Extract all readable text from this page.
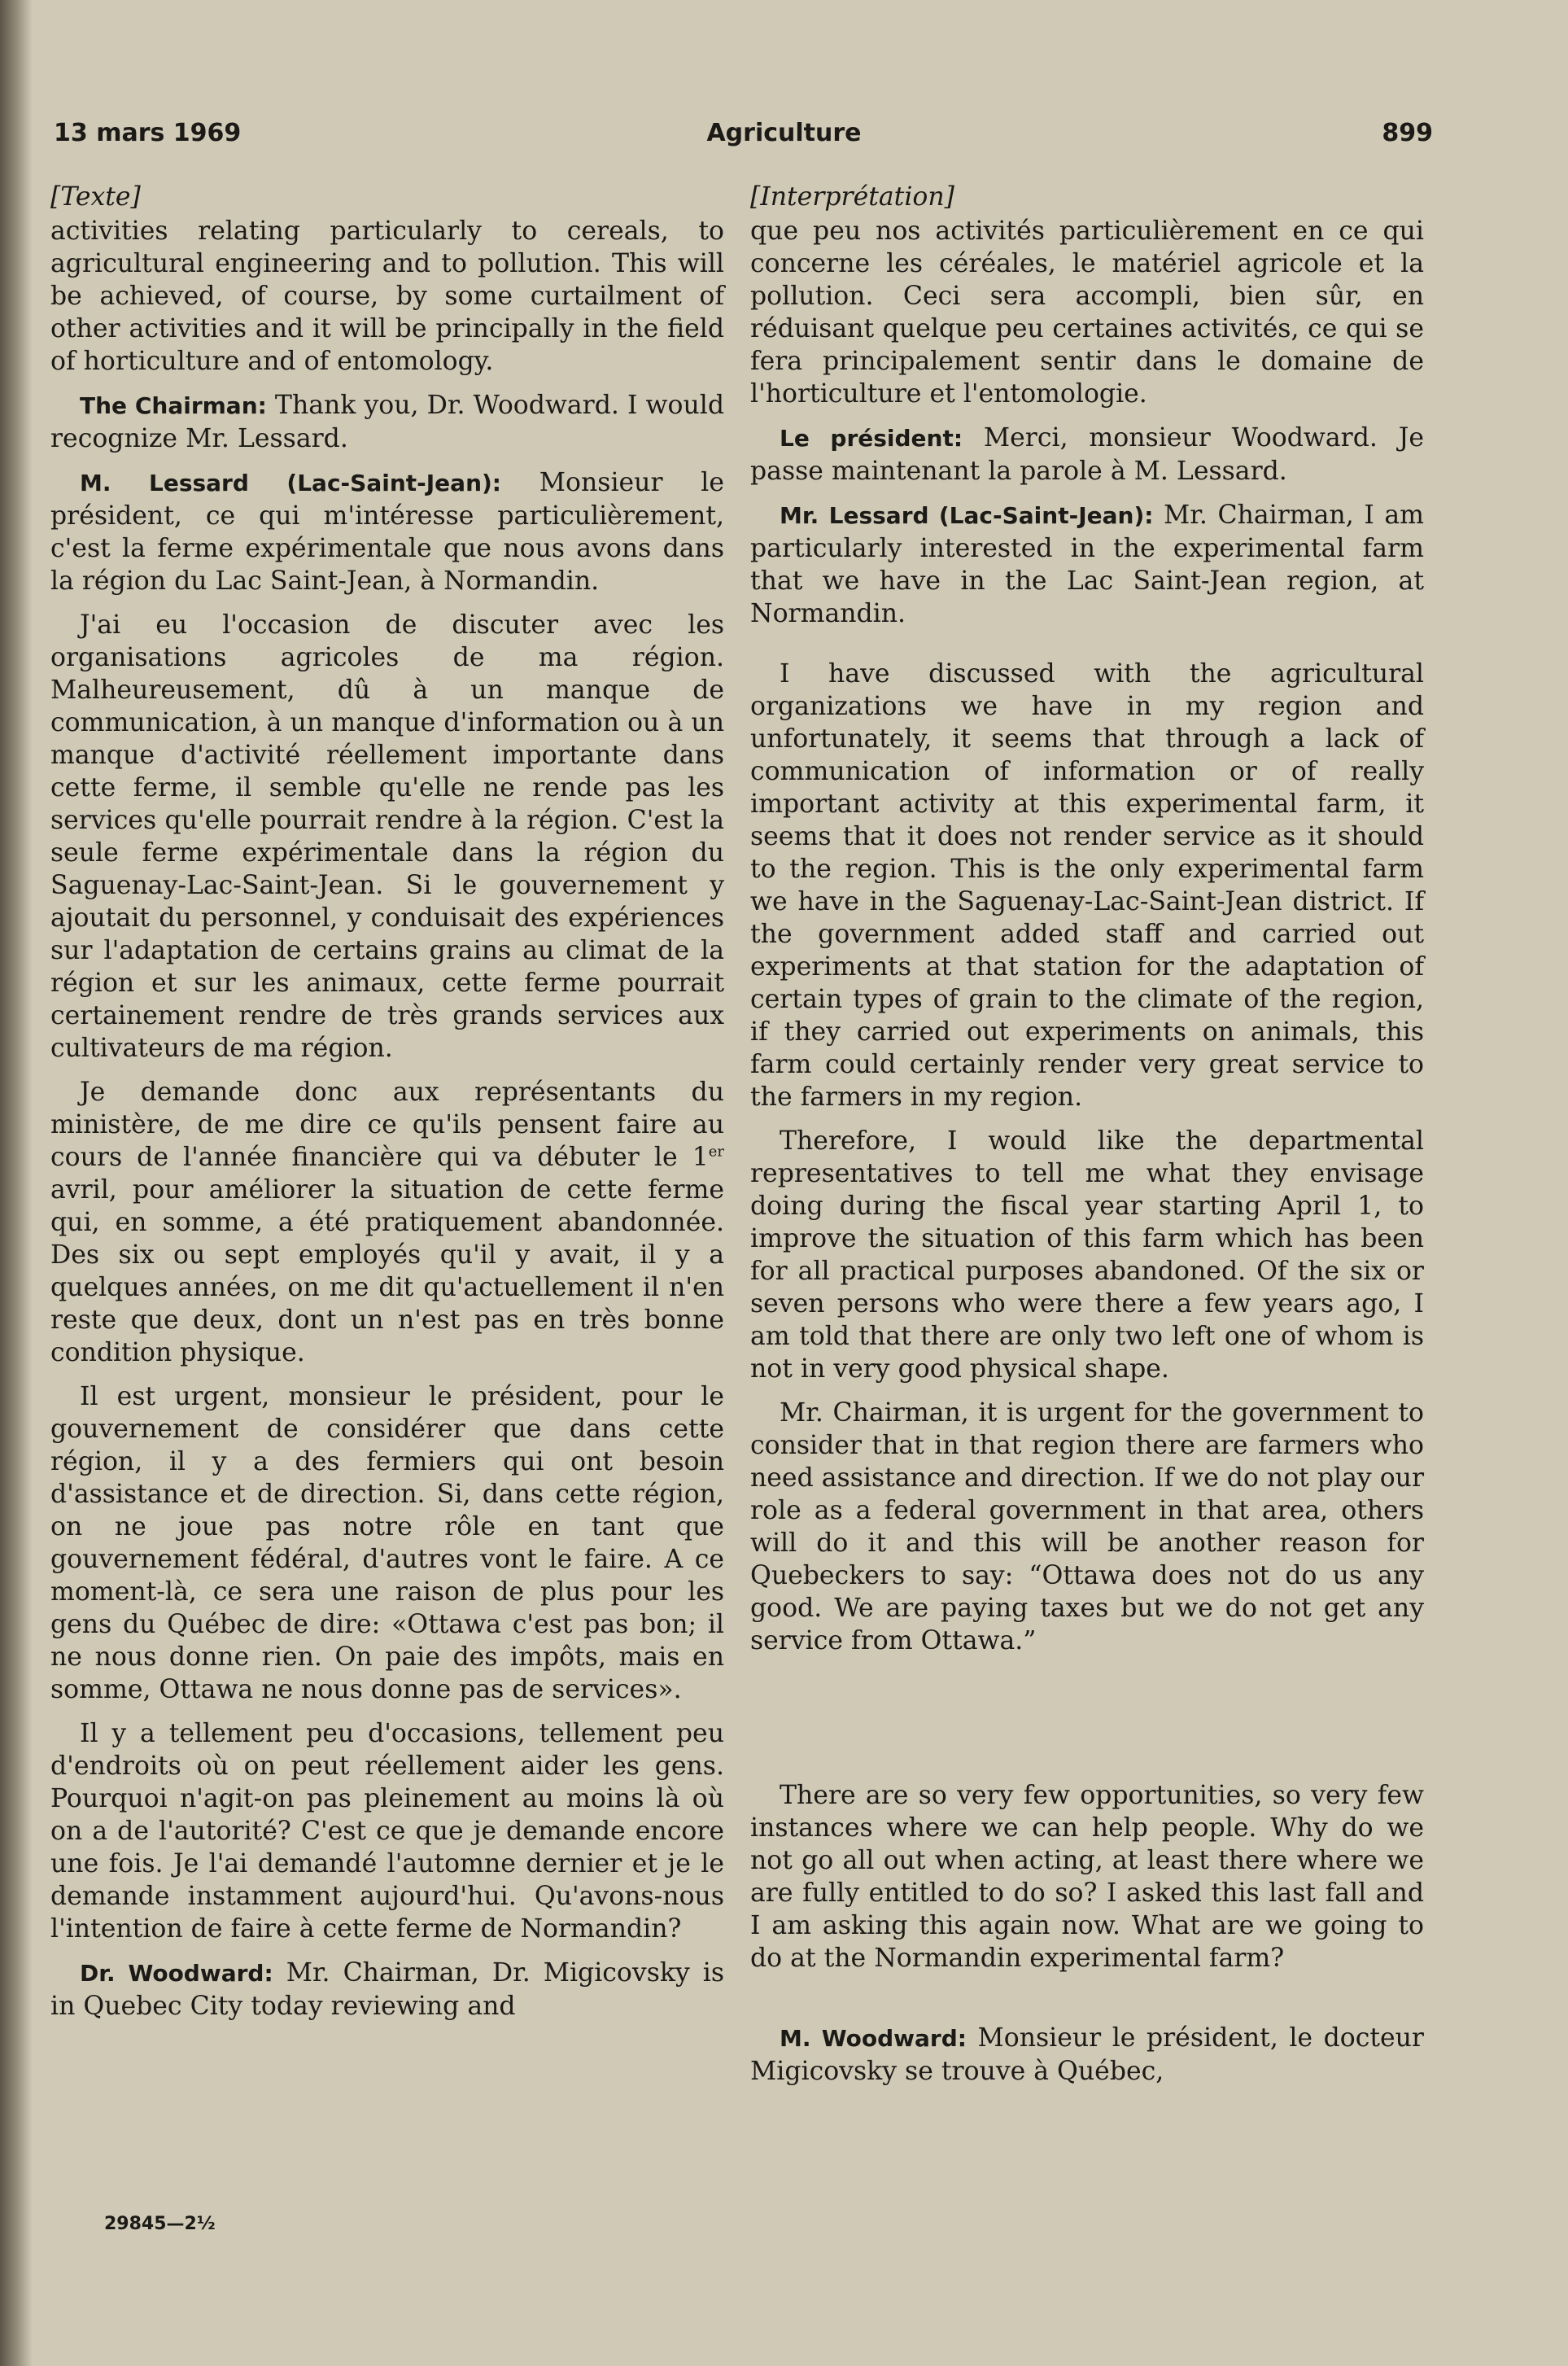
13 mars 1969	Agriculture	899
[Texte]

activities relating particularly to cereals, to agricultural engineering and to pollution. This will be achieved, of course, by some curtailment of other activities and it will be principally in the field of horticulture and of entomology.

The Chairman: Thank you, Dr. Woodward. I would recognize Mr. Lessard.

M. Lessard (Lac-Saint-Jean): Monsieur le président, ce qui m'intéresse particulièrement, c'est la ferme expérimentale que nous avons dans la région du Lac Saint-Jean, à Normandin.

J'ai eu l'occasion de discuter avec les organisations agricoles de ma région. Malheureusement, dû à un manque de communication, à un manque d'information ou à un manque d'activité réellement importante dans cette ferme, il semble qu'elle ne rende pas les services qu'elle pourrait rendre à la région. C'est la seule ferme expérimentale dans la région du Saguenay-Lac-Saint-Jean. Si le gouvernement y ajoutait du personnel, y conduisait des expériences sur l'adaptation de certains grains au climat de la région et sur les animaux, cette ferme pourrait certainement rendre de très grands services aux cultivateurs de ma région.

Je demande donc aux représentants du ministère, de me dire ce qu'ils pensent faire au cours de l'année financière qui va débuter le 1er avril, pour améliorer la situation de cette ferme qui, en somme, a été pratiquement abandonnée. Des six ou sept employés qu'il y avait, il y a quelques années, on me dit qu'actuellement il n'en reste que deux, dont un n'est pas en très bonne condition physique.

Il est urgent, monsieur le président, pour le gouvernement de considérer que dans cette région, il y a des fermiers qui ont besoin d'assistance et de direction. Si, dans cette région, on ne joue pas notre rôle en tant que gouvernement fédéral, d'autres vont le faire. A ce moment-là, ce sera une raison de plus pour les gens du Québec de dire: «Ottawa c'est pas bon; il ne nous donne rien. On paie des impôts, mais en somme, Ottawa ne nous donne pas de services».

Il y a tellement peu d'occasions, tellement peu d'endroits où on peut réellement aider les gens. Pourquoi n'agit-on pas pleinement au moins là où on a de l'autorité? C'est ce que je demande encore une fois. Je l'ai demandé l'automne dernier et je le demande instamment aujourd'hui. Qu'avons-nous l'intention de faire à cette ferme de Normandin?

Dr. Woodward: Mr. Chairman, Dr. Migicovsky is in Quebec City today reviewing and

[Interprétation]

que peu nos activités particulièrement en ce qui concerne les céréales, le matériel agricole et la pollution. Ceci sera accompli, bien sûr, en réduisant quelque peu certaines activités, ce qui se fera principalement sentir dans le domaine de l'horticulture et l'entomologie.

Le président: Merci, monsieur Woodward. Je passe maintenant la parole à M. Lessard.

Mr. Lessard (Lac-Saint-Jean): Mr. Chairman, I am particularly interested in the experimental farm that we have in the Lac Saint-Jean region, at Normandin.

I have discussed with the agricultural organizations we have in my region and unfortunately, it seems that through a lack of communication of information or of really important activity at this experimental farm, it seems that it does not render service as it should to the region. This is the only experimental farm we have in the Saguenay-Lac-Saint-Jean district. If the government added staff and carried out experiments at that station for the adaptation of certain types of grain to the climate of the region, if they carried out experiments on animals, this farm could certainly render very great service to the farmers in my region.

Therefore, I would like the departmental representatives to tell me what they envisage doing during the fiscal year starting April 1, to improve the situation of this farm which has been for all practical purposes abandoned. Of the six or seven persons who were there a few years ago, I am told that there are only two left one of whom is not in very good physical shape.

Mr. Chairman, it is urgent for the government to consider that in that region there are farmers who need assistance and direction. If we do not play our role as a federal government in that area, others will do it and this will be another reason for Quebeckers to say: “Ottawa does not do us any good. We are paying taxes but we do not get any service from Ottawa.”

There are so very few opportunities, so very few instances where we can help people. Why do we not go all out when acting, at least there where we are fully entitled to do so? I asked this last fall and I am asking this again now. What are we going to do at the Normandin experimental farm?

M. Woodward: Monsieur le président, le docteur Migicovsky se trouve à Québec,

29845—2½
